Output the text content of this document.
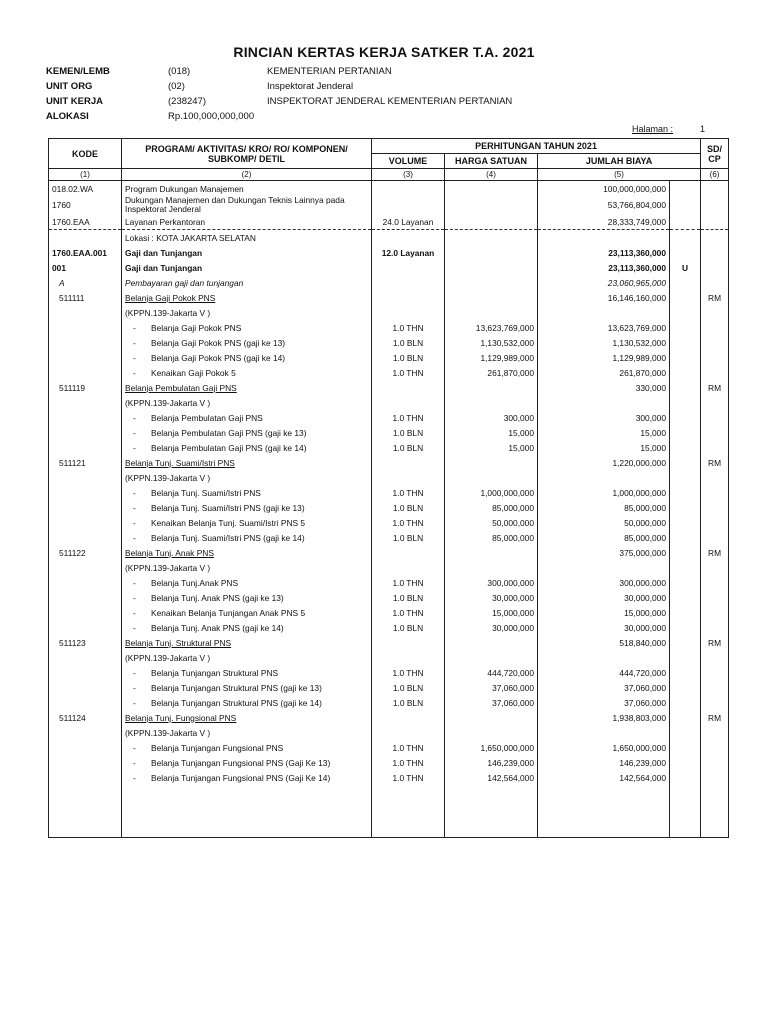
RINCIAN KERTAS KERJA SATKER T.A. 2021
KEMEN/LEMB	(018)	KEMENTERIAN PERTANIAN
UNIT ORG	(02)	Inspektorat Jenderal
UNIT KERJA	(238247)	INSPEKTORAT JENDERAL KEMENTERIAN PERTANIAN
ALOKASI	Rp.100,000,000,000
Halaman :	1
KODE	PROGRAM/ AKTIVITAS/ KRO/ RO/ KOMPONEN/ SUBKOMP/ DETIL	PERHITUNGAN TAHUN 2021				SD/ CP
		VOLUME	HARGA SATUAN	JUMLAH BIAYA		
(1)	(2)	(3)	(4)	(5)		(6)
018.02.WA	Program Dukungan Manajemen			100,000,000,000		
1760	Dukungan Manajemen dan Dukungan Teknis Lainnya pada Inspektorat Jenderal			53,766,804,000		
1760.EAA	Layanan Perkantoran	24.0 Layanan		28,333,749,000		
	Lokasi : KOTA JAKARTA SELATAN					
1760.EAA.001	Gaji dan Tunjangan	12.0 Layanan		23,113,360,000		
001	Gaji dan Tunjangan			23,113,360,000	U	
A	Pembayaran gaji dan tunjangan			23,060,965,000		
511111	Belanja Gaji Pokok PNS			16,146,160,000		RM
	(KPPN.139-Jakarta V )					
	- Belanja Gaji Pokok PNS	1.0 THN	13,623,769,000	13,623,769,000		
	- Belanja Gaji Pokok PNS (gaji ke 13)	1.0 BLN	1,130,532,000	1,130,532,000		
	- Belanja Gaji Pokok PNS (gaji ke 14)	1.0 BLN	1,129,989,000	1,129,989,000		
	- Kenaikan Gaji Pokok 5	1.0 THN	261,870,000	261,870,000		
511119	Belanja Pembulatan Gaji PNS			330,000		RM
	(KPPN.139-Jakarta V )					
	- Belanja Pembulatan Gaji PNS	1.0 THN	300,000	300,000		
	- Belanja Pembulatan Gaji PNS (gaji ke 13)	1.0 BLN	15,000	15,000		
	- Belanja Pembulatan Gaji PNS (gaji ke 14)	1.0 BLN	15,000	15,000		
511121	Belanja Tunj. Suami/Istri PNS			1,220,000,000		RM
	(KPPN.139-Jakarta V )					
	- Belanja Tunj. Suami/Istri PNS	1.0 THN	1,000,000,000	1,000,000,000		
	- Belanja Tunj. Suami/Istri PNS (gaji ke 13)	1.0 BLN	85,000,000	85,000,000		
	- Kenaikan Belanja Tunj. Suami/Istri PNS 5	1.0 THN	50,000,000	50,000,000		
	- Belanja Tunj. Suami/Istri PNS (gaji ke 14)	1.0 BLN	85,000,000	85,000,000		
511122	Belanja Tunj. Anak PNS			375,000,000		RM
	(KPPN.139-Jakarta V )					
	- Belanja Tunj.Anak PNS	1.0 THN	300,000,000	300,000,000		
	- Belanja Tunj. Anak PNS (gaji ke 13)	1.0 BLN	30,000,000	30,000,000		
	- Kenaikan Belanja Tunjangan Anak PNS 5	1.0 THN	15,000,000	15,000,000		
	- Belanja Tunj. Anak PNS (gaji ke 14)	1.0 BLN	30,000,000	30,000,000		
511123	Belanja Tunj. Struktural PNS			518,840,000		RM
	(KPPN.139-Jakarta V )					
	- Belanja Tunjangan Struktural PNS	1.0 THN	444,720,000	444,720,000		
	- Belanja Tunjangan Struktural PNS (gaji ke 13)	1.0 BLN	37,060,000	37,060,000		
	- Belanja Tunjangan Struktural PNS (gaji ke 14)	1.0 BLN	37,060,000	37,060,000		
511124	Belanja Tunj. Fungsional PNS			1,938,803,000		RM
	(KPPN.139-Jakarta V )					
	- Belanja Tunjangan Fungsional PNS	1.0 THN	1,650,000,000	1,650,000,000		
	- Belanja Tunjangan Fungsional PNS (Gaji Ke 13)	1.0 THN	146,239,000	146,239,000		
	- Belanja Tunjangan Fungsional PNS (Gaji Ke 14)	1.0 THN	142,564,000	142,564,000		
